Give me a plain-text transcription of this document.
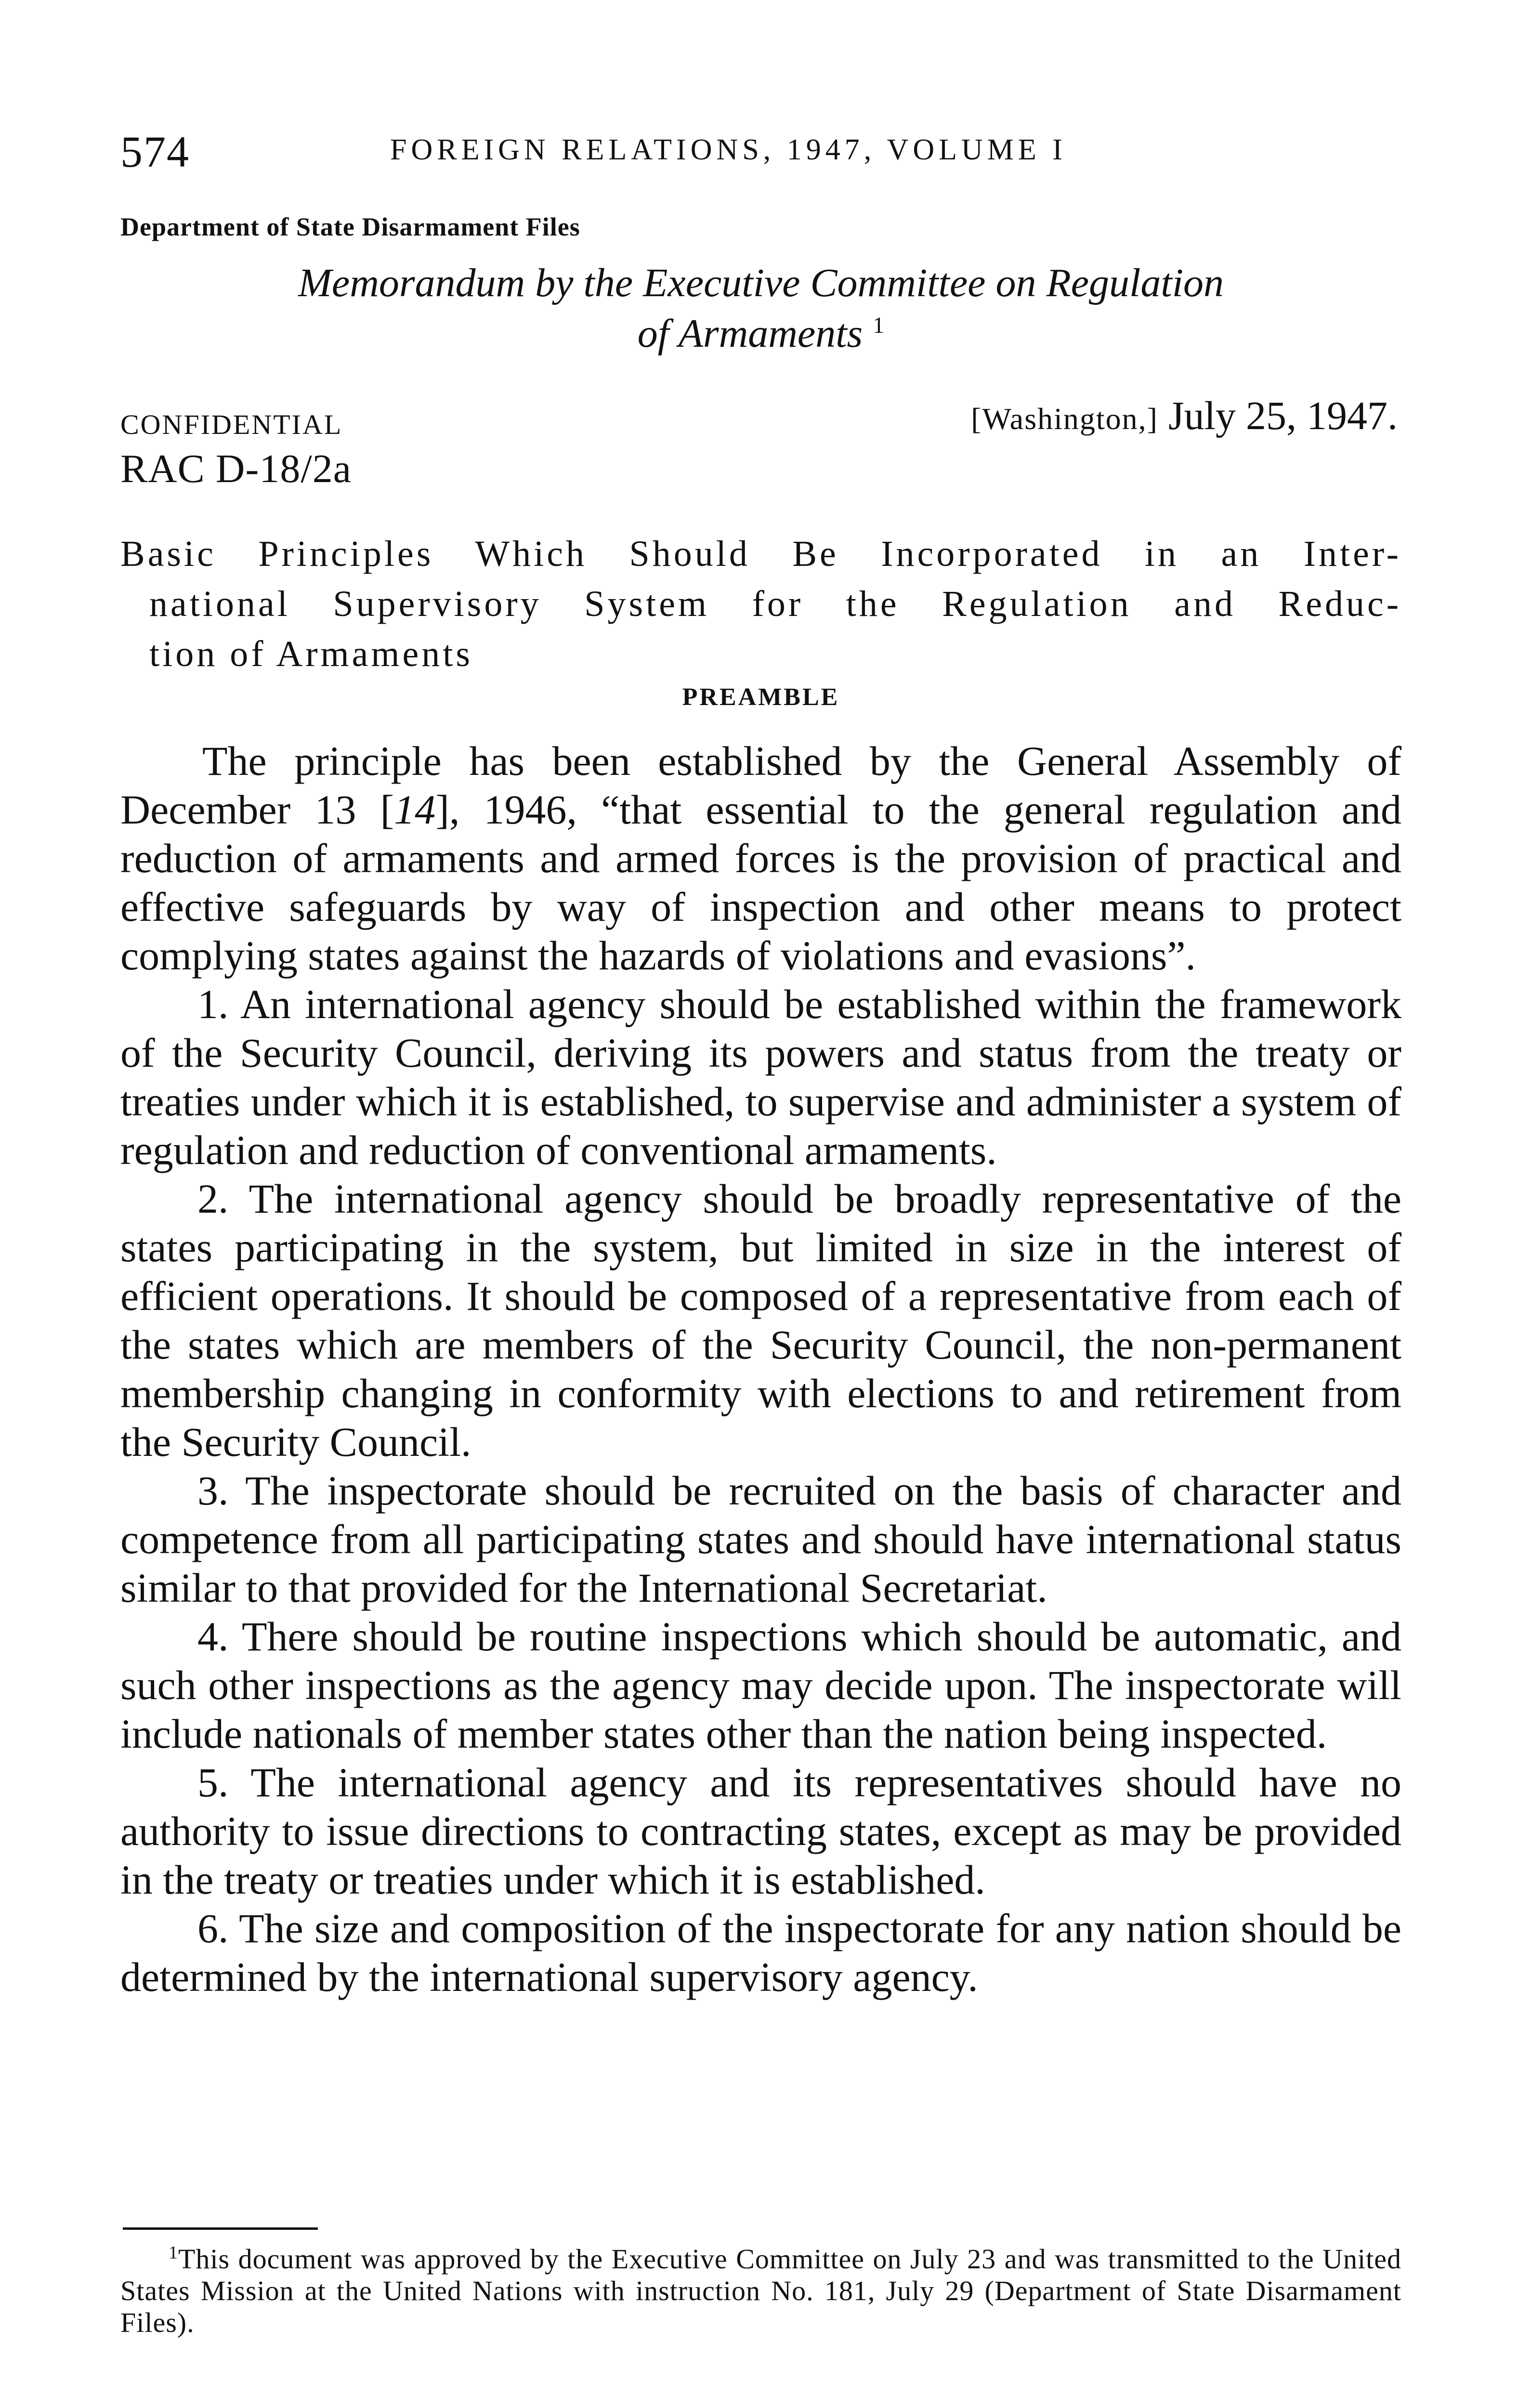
574	FOREIGN RELATIONS, 1947, VOLUME I
Department of State Disarmament Files
Memorandum by the Executive Committee on Regulation
of Armaments $^1$
CONFIDENTIAL	[Washington,] July 25, 1947.
RAC D-18/2a
Basic Principles Which Should Be Incorporated in an Inter-
national Supervisory System for the Regulation and Reduc-
tion of Armaments
PREAMBLE

The principle has been established by the General Assembly of December 13 [14], 1946, “that essential to the general regulation and reduction of armaments and armed forces is the provision of practical and effective safeguards by way of inspection and other means to protect complying states against the hazards of violations and evasions”.

1. An international agency should be established within the framework of the Security Council, deriving its powers and status from the treaty or treaties under which it is established, to supervise and administer a system of regulation and reduction of conventional armaments.

2. The international agency should be broadly representative of the states participating in the system, but limited in size in the interest of efficient operations. It should be composed of a representative from each of the states which are members of the Security Council, the non-permanent membership changing in conformity with elections to and retirement from the Security Council.

3. The inspectorate should be recruited on the basis of character and competence from all participating states and should have international status similar to that provided for the International Secretariat.

4. There should be routine inspections which should be automatic, and such other inspections as the agency may decide upon. The inspectorate will include nationals of member states other than the nation being inspected.

5. The international agency and its representatives should have no authority to issue directions to contracting states, except as may be provided in the treaty or treaties under which it is established.

6. The size and composition of the inspectorate for any nation should be determined by the international supervisory agency.

$^1$This document was approved by the Executive Committee on July 23 and was transmitted to the United States Mission at the United Nations with instruction No. 181, July 29 (Department of State Disarmament Files).
